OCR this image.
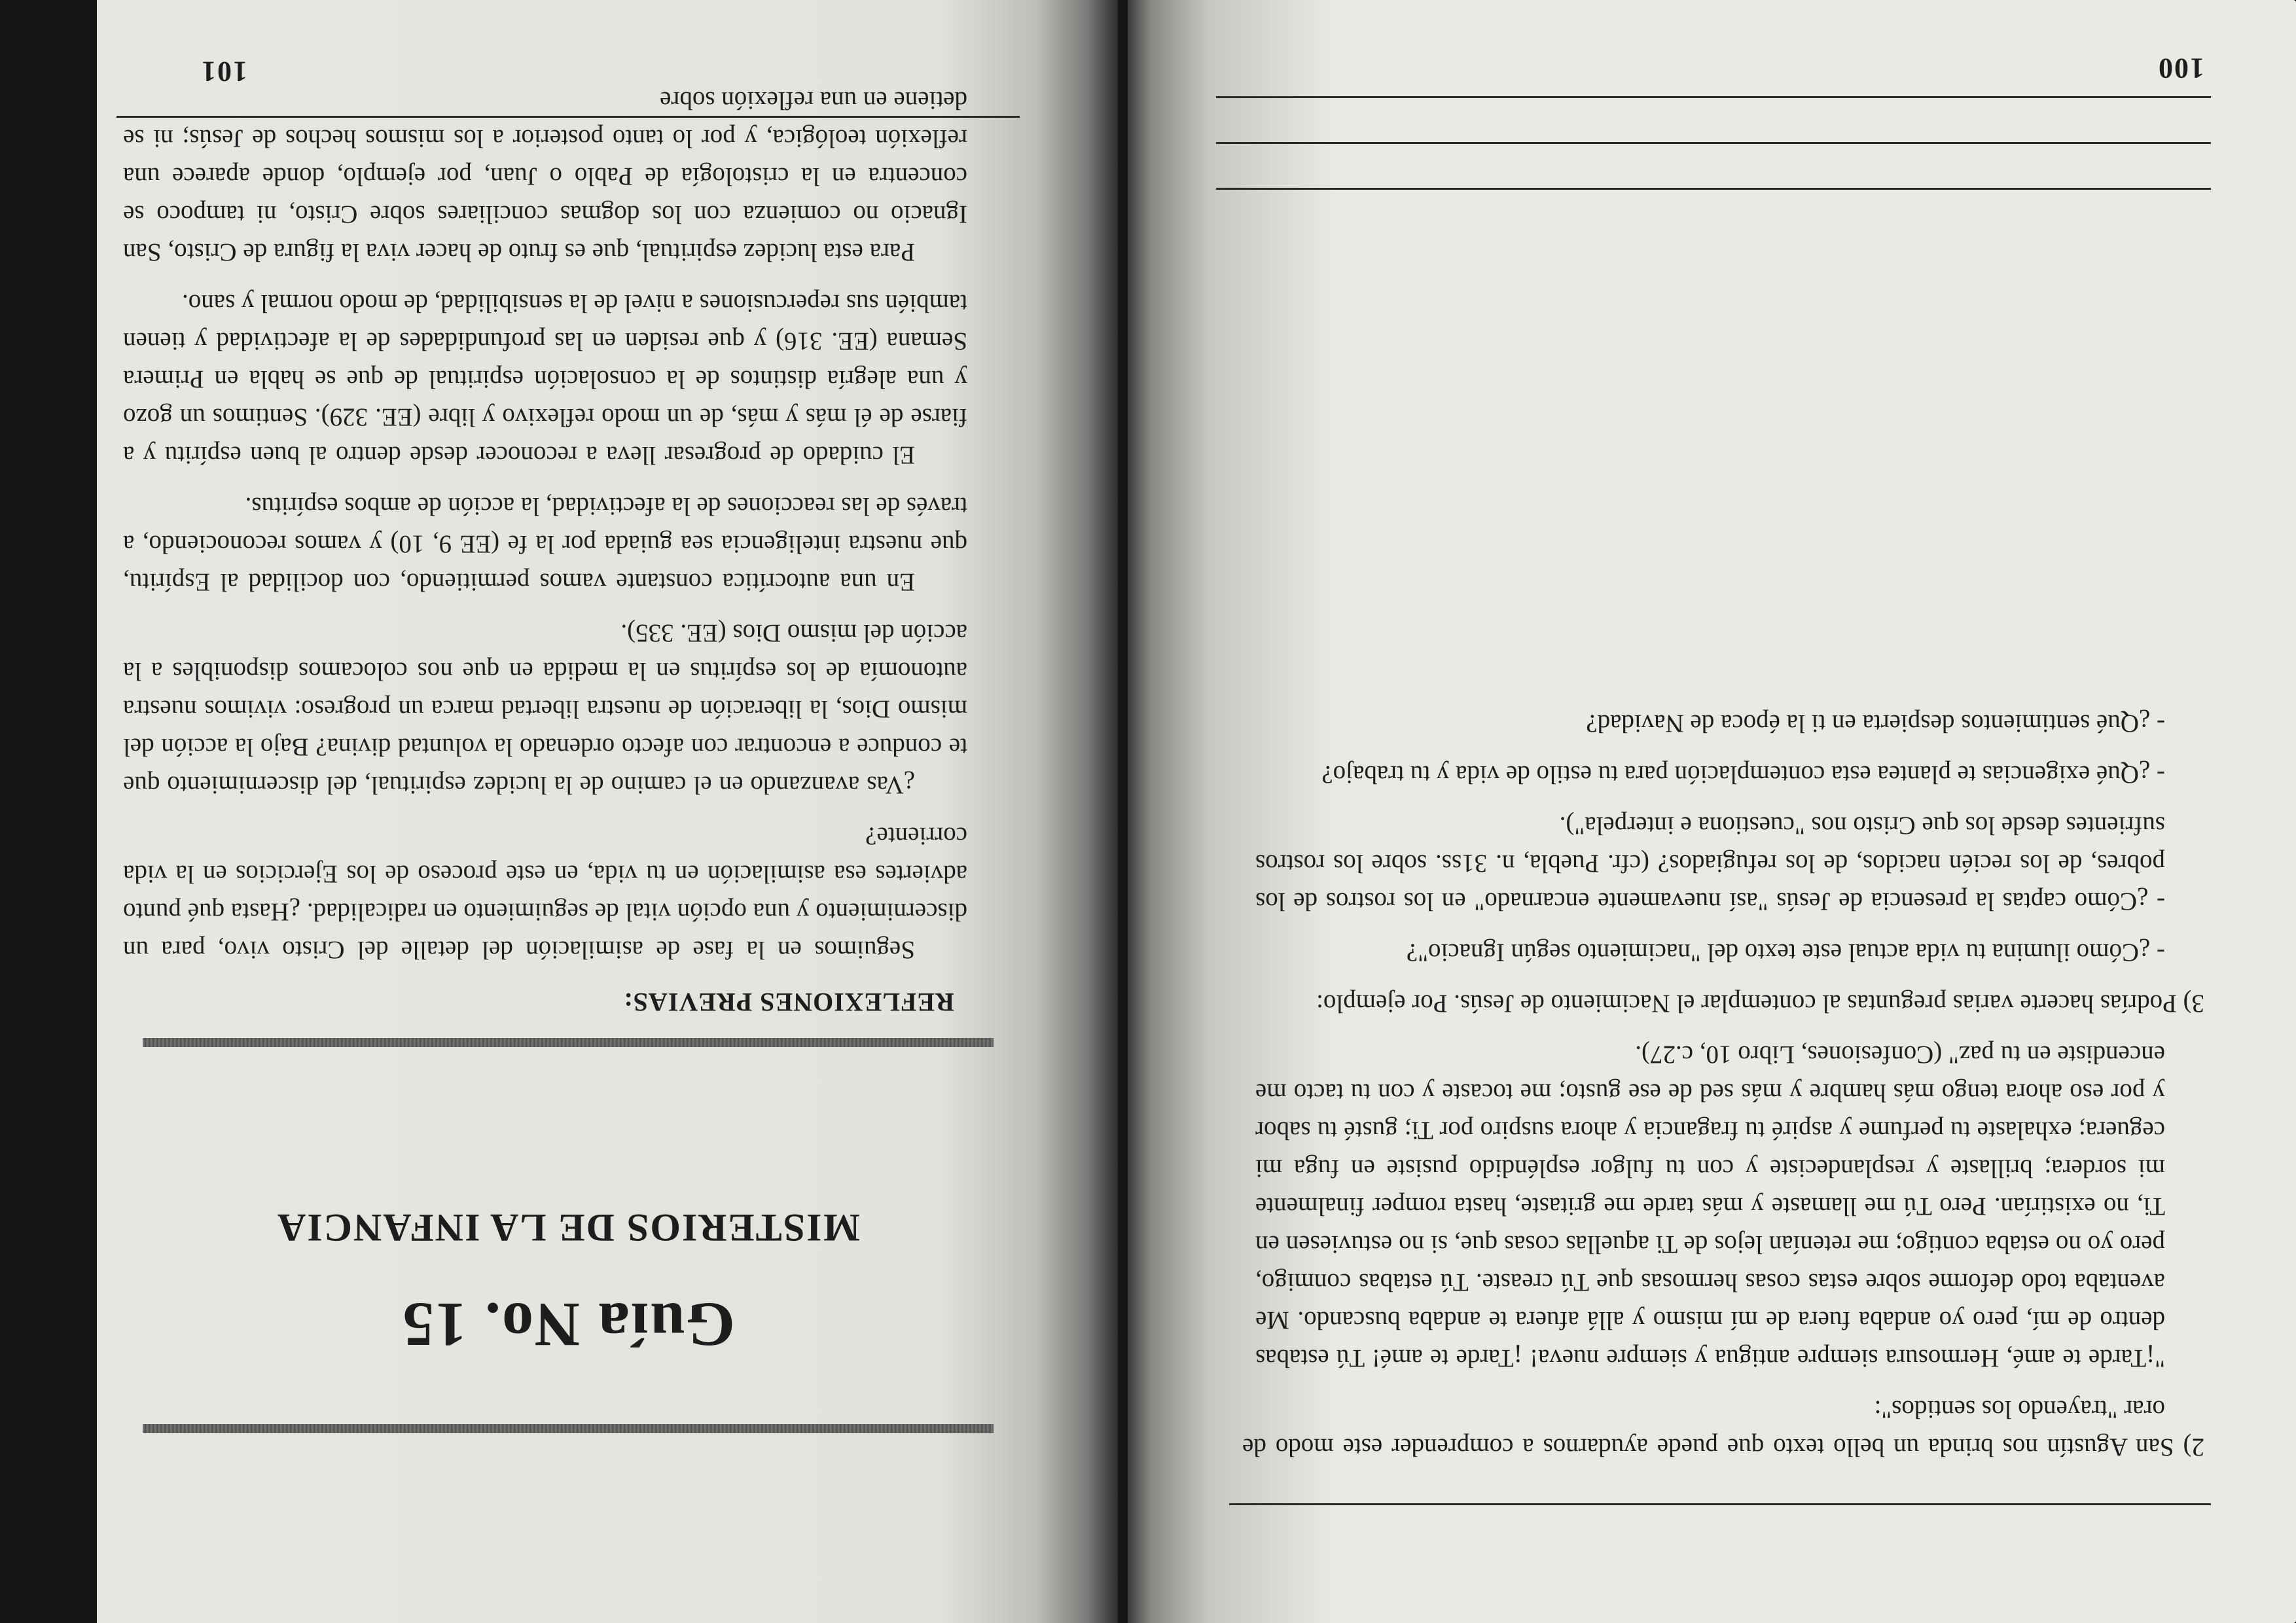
2) San Agustín nos brinda un bello texto que puede ayudarnos a comprender este modo de orar "trayendo los sentidos":

"¡Tarde te amé, Hermosura siempre antigua y siempre nueva! ¡Tarde te amé! Tú estabas dentro de mí, pero yo andaba fuera de mí mismo y allá afuera te andaba buscando. Me aventaba todo deforme sobre estas cosas hermosas que Tú creaste. Tú estabas conmigo, pero yo no estaba contigo; me retenían lejos de Ti aquellas cosas que, si no estuviesen en Ti, no existirían. Pero Tú me llamaste y más tarde me gritaste, hasta romper finalmente mi sordera; brillaste y resplandeciste y con tu fulgor espléndido pusiste en fuga mi ceguera; exhalaste tu perfume y aspiré tu fragancia y ahora suspiro por Ti; gusté tu sabor y por eso ahora tengo más hambre y más sed de ese gusto; me tocaste y con tu tacto me encendiste en tu paz" (Confesiones, Libro 10, c.27).

3) Podrías hacerte varias preguntas al contemplar el Nacimiento de Jesús. Por ejemplo:

- ¿Cómo ilumina tu vida actual este texto del "nacimiento según Ignacio"?

- ¿Cómo captas la presencia de Jesús "así nuevamente encarnado" en los rostros de los pobres, de los recién nacidos, de los refugiados? (cfr. Puebla, n. 31ss. sobre los rostros sufrientes desde los que Cristo nos "cuestiona e interpela").

- ¿Qué exigencias te plantea esta contemplación para tu estilo de vida y tu trabajo?

- ¿Qué sentimientos despierta en ti la época de Navidad?

100
Guía No. 15
MISTERIOS DE LA INFANCIA
REFLEXIONES PREVIAS:

Seguimos en la fase de asimilación del detalle del Cristo vivo, para un discernimiento y una opción vital de seguimiento en radicalidad. ¿Hasta qué punto adviertes esa asimilación en tu vida, en este proceso de los Ejercicios en la vida corriente?

¿Vas avanzando en el camino de la lucidez espiritual, del discernimiento que te conduce a encontrar con afecto ordenado la voluntad divina? Bajo la acción del mismo Dios, la liberación de nuestra libertad marca un progreso: vivimos nuestra autonomía de los espíritus en la medida en que nos colocamos disponibles a la acción del mismo Dios (EE. 335).

En una autocrítica constante vamos permitiendo, con docilidad al Espíritu, que nuestra inteligencia sea guiada por la fe (EE 9, 10) y vamos reconociendo, a través de las reacciones de la afectividad, la acción de ambos espíritus.

El cuidado de progresar lleva a reconocer desde dentro al buen espíritu y a fiarse de él más y más, de un modo reflexivo y libre (EE. 329). Sentimos un gozo y una alegría distintos de la consolación espiritual de que se habla en Primera Semana (EE. 316) y que residen en las profundidades de la afectividad y tienen también sus repercusiones a nivel de la sensibilidad, de modo normal y sano.

Para esta lucidez espiritual, que es fruto de hacer viva la figura de Cristo, San Ignacio no comienza con los dogmas conciliares sobre Cristo, ni tampoco se concentra en la cristología de Pablo o Juan, por ejemplo, donde aparece una reflexión teológica, y por lo tanto posterior a los mismos hechos de Jesús; ni se detiene en una reflexión sobre

101
